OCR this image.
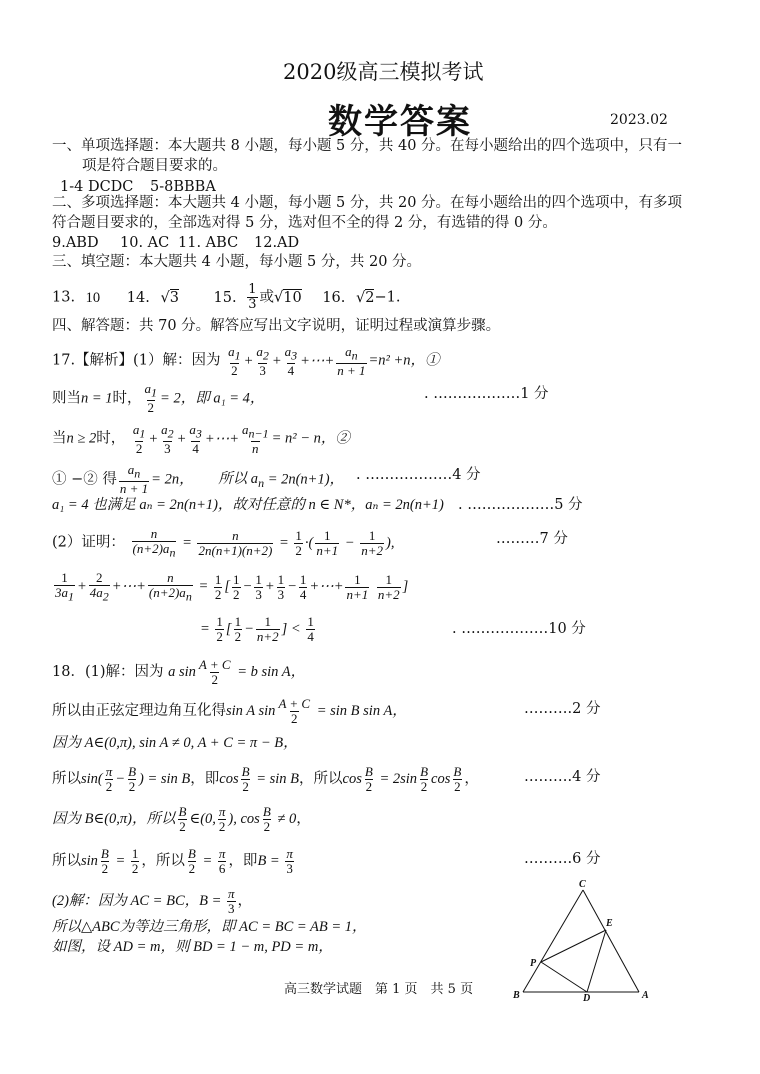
2020级高三模拟考试
数学答案	2023.02
一、单项选择题：本大题共 8 小题，每小题 5 分，共 40 分。在每小题给出的四个选项中，只有一
项是符合题目要求的。
1-4 DCDC 5-8BBBA
二、多项选择题：本大题共 4 小题，每小题 5 分，共 20 分。在每小题给出的四个选项中，有多项
符合题目要求的，全部选对得 5 分，选对但不全的得 2 分，有选错的得 0 分。
9.ABD 10. AC 11. ABC 12.AD
三、填空题：本大题共 4 小题，每小题 5 分，共 20 分。
13. 10 14. √3 15. $\frac{1}{3}$ 或√10 16. √2−1.
四、解答题：共 70 分。解答应写出文字说明，证明过程或演算步骤。
17.【解析】(1）解：因为 $\frac{a_1}{2} + \frac{a_2}{3} + \frac{a_3}{4}$ +⋯+ $\frac{a_n}{n + 1} =n^2 +n$，①
则当n = 1时， $\frac{a_1}{2} = 2$，即 a₁ = 4，	. ………………1 分
当n ≥ 2时， $\frac{a_1}{2} + \frac{a_2}{3} + \frac{a_3}{4}$ +⋯+ $\frac{a_{n-1}}{n} = n^2 - n$，②
① −② 得 $\frac{a_n}{n + 1} = 2n$， 所以 $a_n = 2n(n+1)$， . ………………4 分
a₁ = 4 也满足 aₙ = 2n(n+1)，故对任意的 n ∈ N*，aₙ = 2n(n+1) . ………………5 分
(2）证明： $\frac{n}{(n+2)a_n} = \frac{n}{2n(n+1)(n+2)} = \frac{1}{2}$ ·( $\frac{1}{n+1} - \frac{1}{n+2}$ ),	………7 分
$\frac{1}{3a_1} + \frac{2}{4a_2}$ +⋯+ $\frac{n}{(n+2)a_n} = \frac{1}{2}$ [ $\frac{1}{2} - \frac{1}{3} + \frac{1}{3} - \frac{1}{4}$ +⋯+ $\frac{1}{n+1}$
$\frac{1}{n+2}$ ]
= $\frac{1}{2}$ [ $\frac{1}{2} - \frac{1}{n+2}$ ] < $\frac{1}{4}$	. ………………10 分
18．(1)解：因为 a $\sin \frac{A + C}{2} = b$ sin A，
所以由正弦定理边角互化得sin A $\sin \frac{A + C}{2} = \sin B$ sin A，	……….2 分
因为 A∈(0,π), sin A ≠ 0, A + C = π − B，
所以$\sin( \frac{\pi}{2} - \frac{B}{2}$ ) = sin B，即$\cos \frac{B}{2} = \sin B$，所以$\cos \frac{B}{2} = 2\sin \frac{B}{2}$ $\cos \frac{B}{2}$ ，	……….4 分
因为 B∈(0,π)，所以 $\frac{B}{2}$ ∈(0, $\frac{\pi}{2}$ ), $\cos \frac{B}{2} \ne 0$，
所以$\sin \frac{B}{2} = \frac{1}{2}$ ，所以 $\frac{B}{2} = \frac{\pi}{6}$ ，即$B = \frac{\pi}{3}$	……….6 分
(2)解：因为 AC = BC，$B = \frac{\pi}{3}$ ，
所以△ABC为等边三角形，即 AC = BC = AB = 1，
如图，设 AD = m，则 BD = 1 − m, PD = m，
C
E
P
B	D	A
高三数学试题　第 1 页　共 5 页
